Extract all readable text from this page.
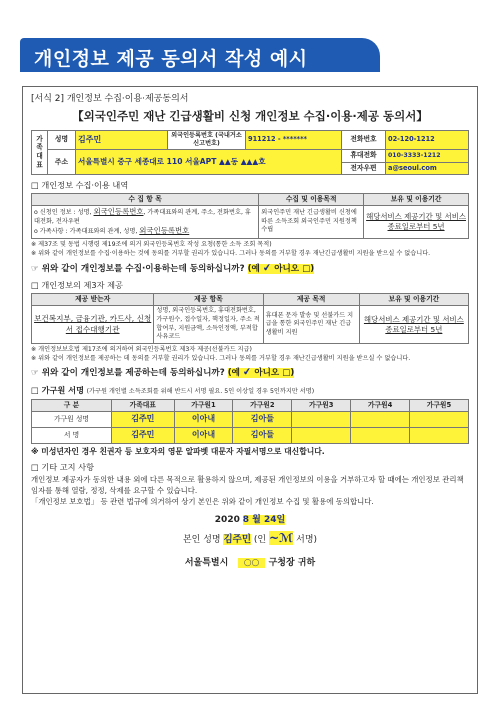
개인정보 제공 동의서 작성 예시
[서식 2] 개인정보 수집·이용·제공동의서
【외국인주민 재난 긴급생활비 신청 개인정보 수집·이용·제공 동의서】
가 족 대 표	성명	김주민	외국인등록번호 (국내거소신고번호)	911212 - *******	전화번호	02-120-1212
	주소	서울특별시 중구 세종대로 110 서울APT ▲▲동 ▲▲▲호			휴대전화	010-3333-1212
					전자우편	a@seoul.com
□ 개인정보 수집·이용 내역
수 집 항 목	수집 및 이용목적	보유 및 이용기간
o 신청인 정보 : 성명, 외국인등록번호, 가족대표와의 관계, 주소, 전화번호, 휴대전화, 전자우편
o 가족사항 : 가족대표와의 관계, 성명, 외국인등록번호	외국인주민 재난 긴급생활비 신청에 따른 소득조회 외국인주민 지원정책 수립	해당서비스 제공기간 및 서비스 종료일로부터 5년
※ 제37조 및 동법 시행령 제19조에 의거 외국인등록번호 작성 요청(통한 소득 조회 목적)
※ 위와 같이 개인정보를 수집·이용하는 것에 동의를 거부할 권리가 있습니다. 그러나 동의를 거부할 경우 재난긴급생활비 지원을 받으실 수 없습니다.
☞ 위와 같이 개인정보를 수집·이용하는데 동의하십니까? (예 ✔ 아니오 □)
□ 개인정보의 제3자 제공
제공 받는자	제공 항목	제공 목적	보유 및 이용기간
보건복지부, 금융기관, 카드사, 신청서 접수대행기관	성명, 외국인등록번호, 휴대전화번호, 가구원수, 접수일자, 핵정일자, 주소 적합여부, 지원금액, 소득인정액, 부적합 사유코드	휴대폰 문자 발송 및 선불카드 지급을 통한 외국인주민 재난 긴급생활비 지원	해당서비스 제공기간 및 서비스 종료일로부터 5년
※ 개인정보보호법 제17조에 의거하여 외국인등록번호 제3자 제공(선불카드 지급)
※ 위와 같이 개인정보를 제공하는 데 동의를 거부할 권리가 있습니다. 그러나 동의를 거부할 경우 재난긴급생활비 지원을 받으실 수 없습니다.
☞ 위와 같이 개인정보를 제공하는데 동의하십니까? (예 ✔ 아니오 □)
□ 가구원 서명 (가구원 개인별 소득조회를 위해 반드시 서명 필요. 5인 이상일 경우 5인까지만 서명)
구 분	가족대표	가구원1	가구원2	가구원3	가구원4	가구원5
가구원 성명	김주민	이아내	김아들			
서 명	김주민	이아내	김아들			
※ 미성년자인 경우 친권자 등 보호자의 영문 알파벳 대문자 자필서명으로 대신합니다.
□ 기타 고지 사항
개인정보 제공자가 동의한 내용 외에 다른 목적으로 활용하지 않으며, 제공된 개인정보의 이용을 거부하고자 할 때에는 개인정보 관리책임자를 통해 열람, 정정, 삭제를 요구할 수 있습니다.
「개인정보 보호법」 등 관련 법규에 의거하여 상기 본인은 위와 같이 개인정보 수집 및 활용에 동의합니다.
2020 8 월 24일
본인 성명 김주민 (인 ~ℳ 서명)
서울특별시 ○○ 구청장 귀하
